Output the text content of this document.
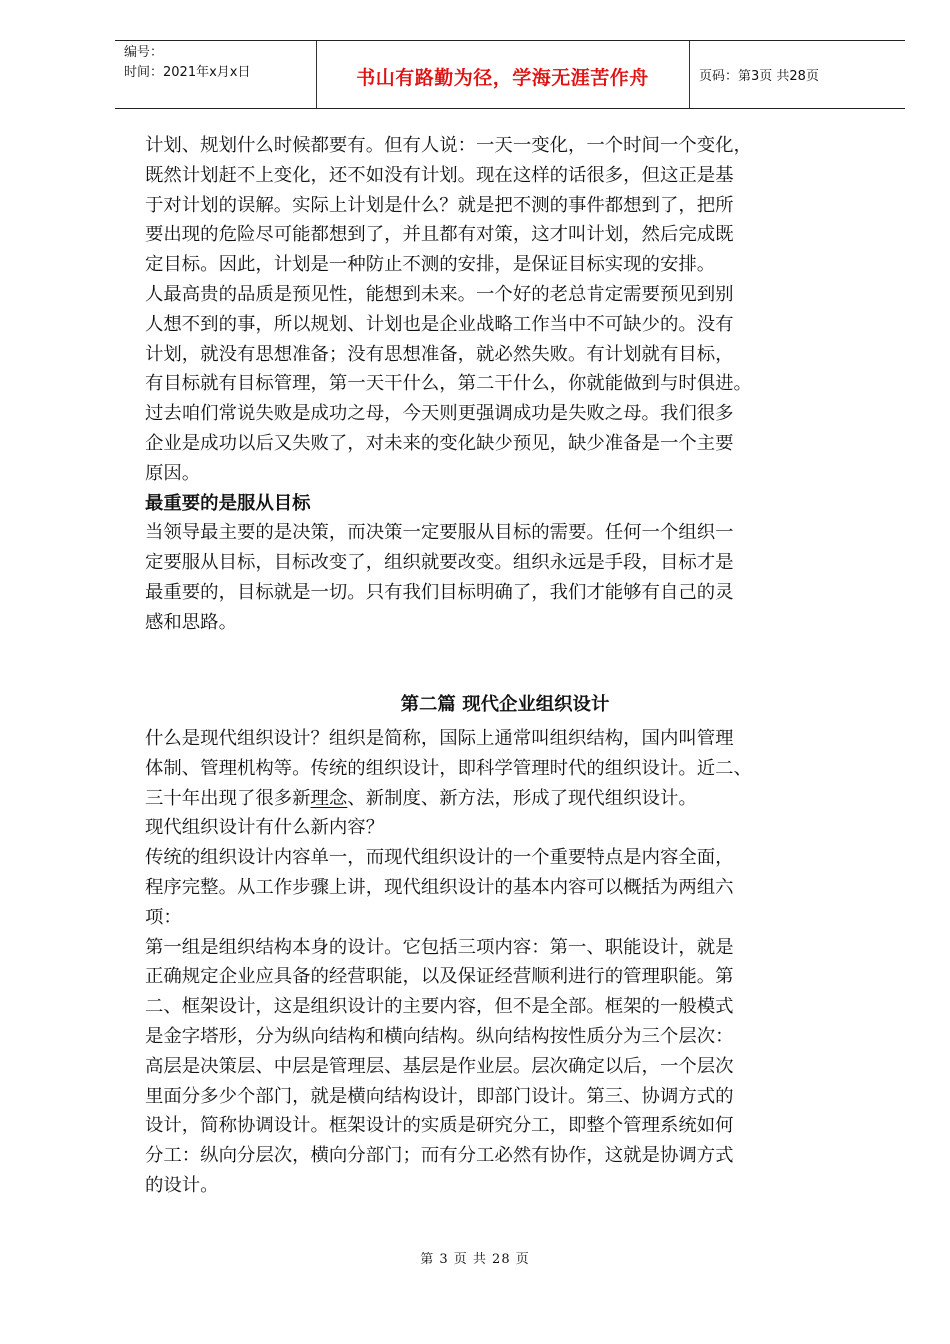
编号：
时间：2021年x月x日	书山有路勤为径，学海无涯苦作舟	页码：第3页 共28页

计划、规划什么时候都要有。但有人说：一天一变化，一个时间一个变化，

既然计划赶不上变化，还不如没有计划。现在这样的话很多，但这正是基

于对计划的误解。实际上计划是什么？就是把不测的事件都想到了，把所

要出现的危险尽可能都想到了，并且都有对策，这才叫计划，然后完成既

定目标。因此，计划是一种防止不测的安排，是保证目标实现的安排。

人最高贵的品质是预见性，能想到未来。一个好的老总肯定需要预见到别

人想不到的事，所以规划、计划也是企业战略工作当中不可缺少的。没有

计划，就没有思想准备；没有思想准备，就必然失败。有计划就有目标，

有目标就有目标管理，第一天干什么，第二干什么，你就能做到与时俱进。

过去咱们常说失败是成功之母，今天则更强调成功是失败之母。我们很多

企业是成功以后又失败了，对未来的变化缺少预见，缺少准备是一个主要

原因。

最重要的是服从目标

当领导最主要的是决策，而决策一定要服从目标的需要。任何一个组织一

定要服从目标，目标改变了，组织就要改变。组织永远是手段，目标才是

最重要的，目标就是一切。只有我们目标明确了，我们才能够有自己的灵

感和思路。

第二篇 现代企业组织设计

什么是现代组织设计？组织是简称，国际上通常叫组织结构，国内叫管理

体制、管理机构等。传统的组织设计，即科学管理时代的组织设计。近二、

三十年出现了很多新理念、新制度、新方法，形成了现代组织设计。

现代组织设计有什么新内容？

传统的组织设计内容单一，而现代组织设计的一个重要特点是内容全面，

程序完整。从工作步骤上讲，现代组织设计的基本内容可以概括为两组六

项：

第一组是组织结构本身的设计。它包括三项内容：第一、职能设计，就是

正确规定企业应具备的经营职能，以及保证经营顺利进行的管理职能。第

二、框架设计，这是组织设计的主要内容，但不是全部。框架的一般模式

是金字塔形，分为纵向结构和横向结构。纵向结构按性质分为三个层次：

高层是决策层、中层是管理层、基层是作业层。层次确定以后，一个层次

里面分多少个部门，就是横向结构设计，即部门设计。第三、协调方式的

设计，简称协调设计。框架设计的实质是研究分工，即整个管理系统如何

分工：纵向分层次，横向分部门；而有分工必然有协作，这就是协调方式

的设计。

第 3 页 共 28 页
